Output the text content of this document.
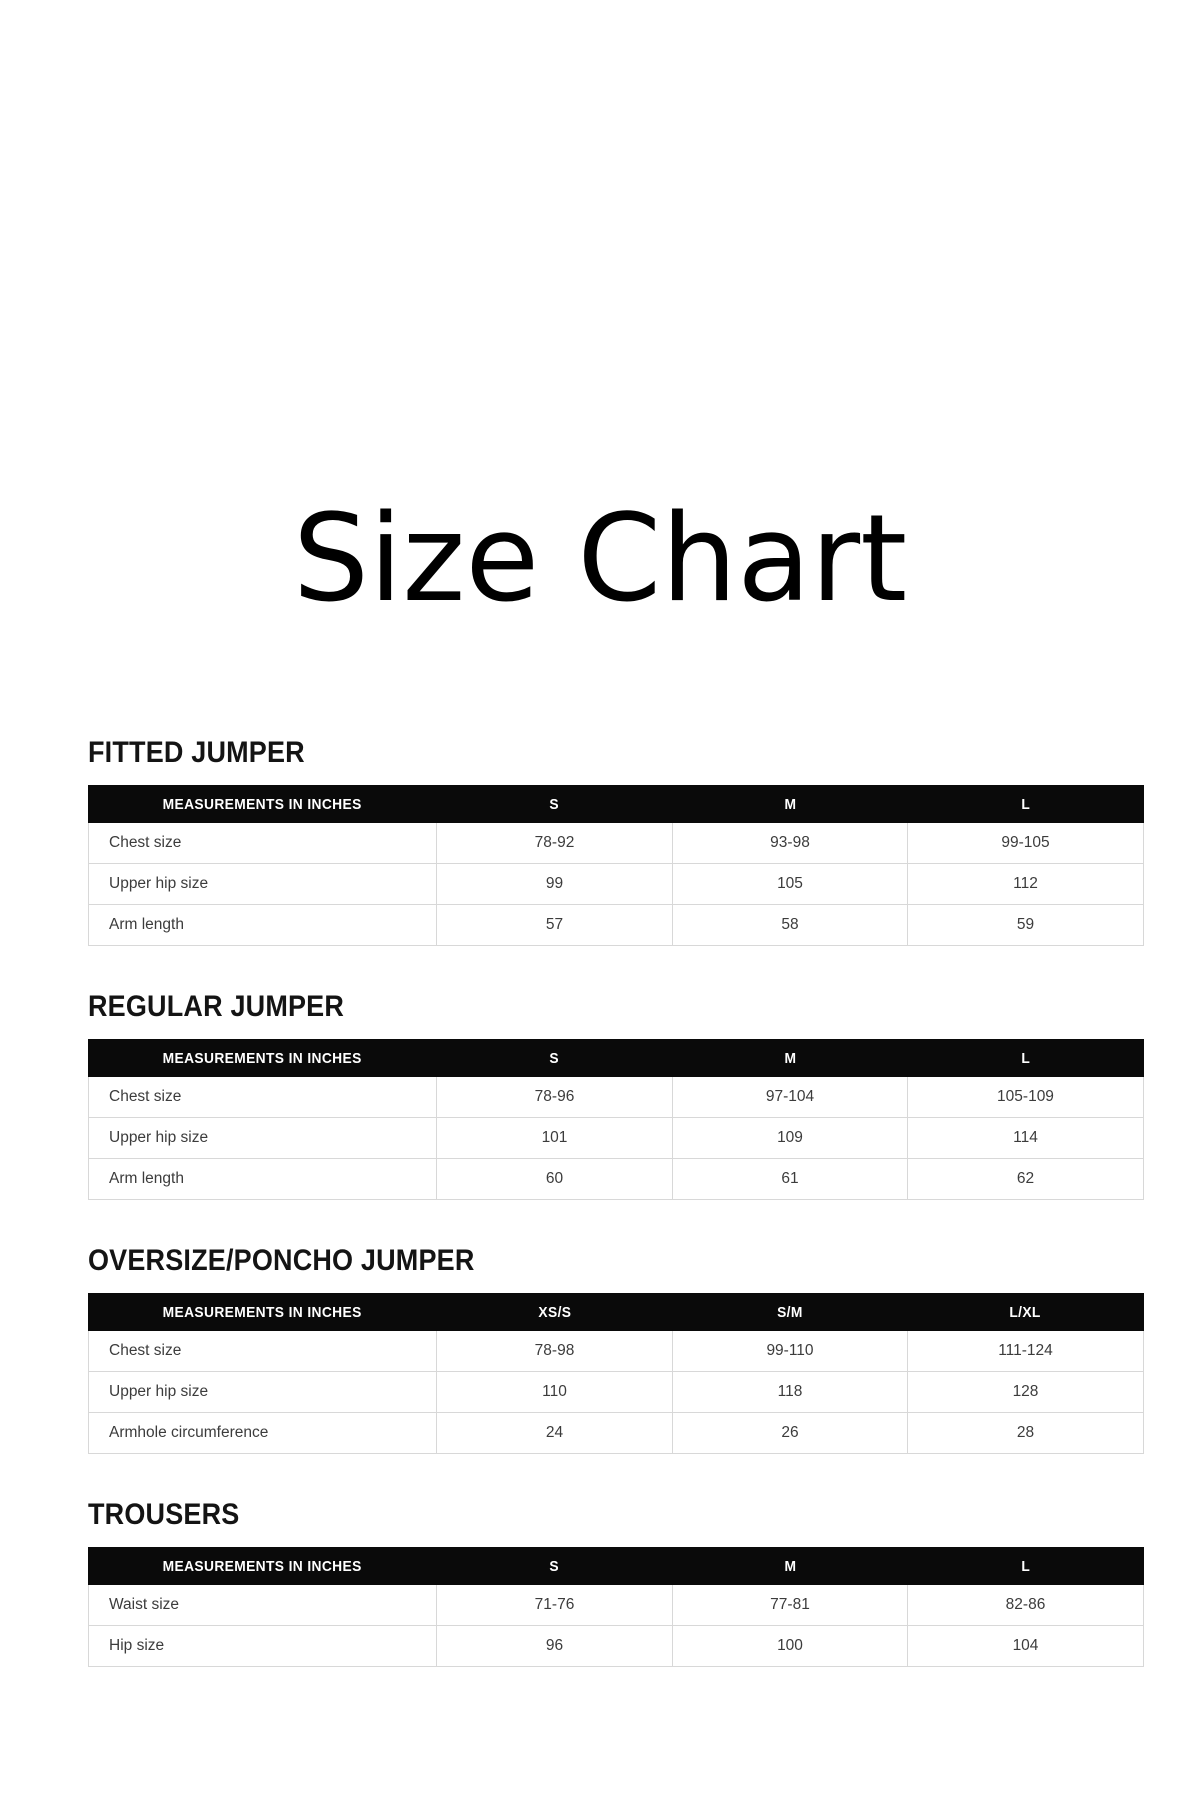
Size Chart
FITTED JUMPER
MEASUREMENTS IN INCHES	S	M	L
Chest size	78-92	93-98	99-105
Upper hip size	99	105	112
Arm length	57	58	59
REGULAR JUMPER
MEASUREMENTS IN INCHES	S	M	L
Chest size	78-96	97-104	105-109
Upper hip size	101	109	114
Arm length	60	61	62
OVERSIZE/PONCHO JUMPER
MEASUREMENTS IN INCHES	XS/S	S/M	L/XL
Chest size	78-98	99-110	111-124
Upper hip size	110	118	128
Armhole circumference	24	26	28
TROUSERS
MEASUREMENTS IN INCHES	S	M	L
Waist size	71-76	77-81	82-86
Hip size	96	100	104
